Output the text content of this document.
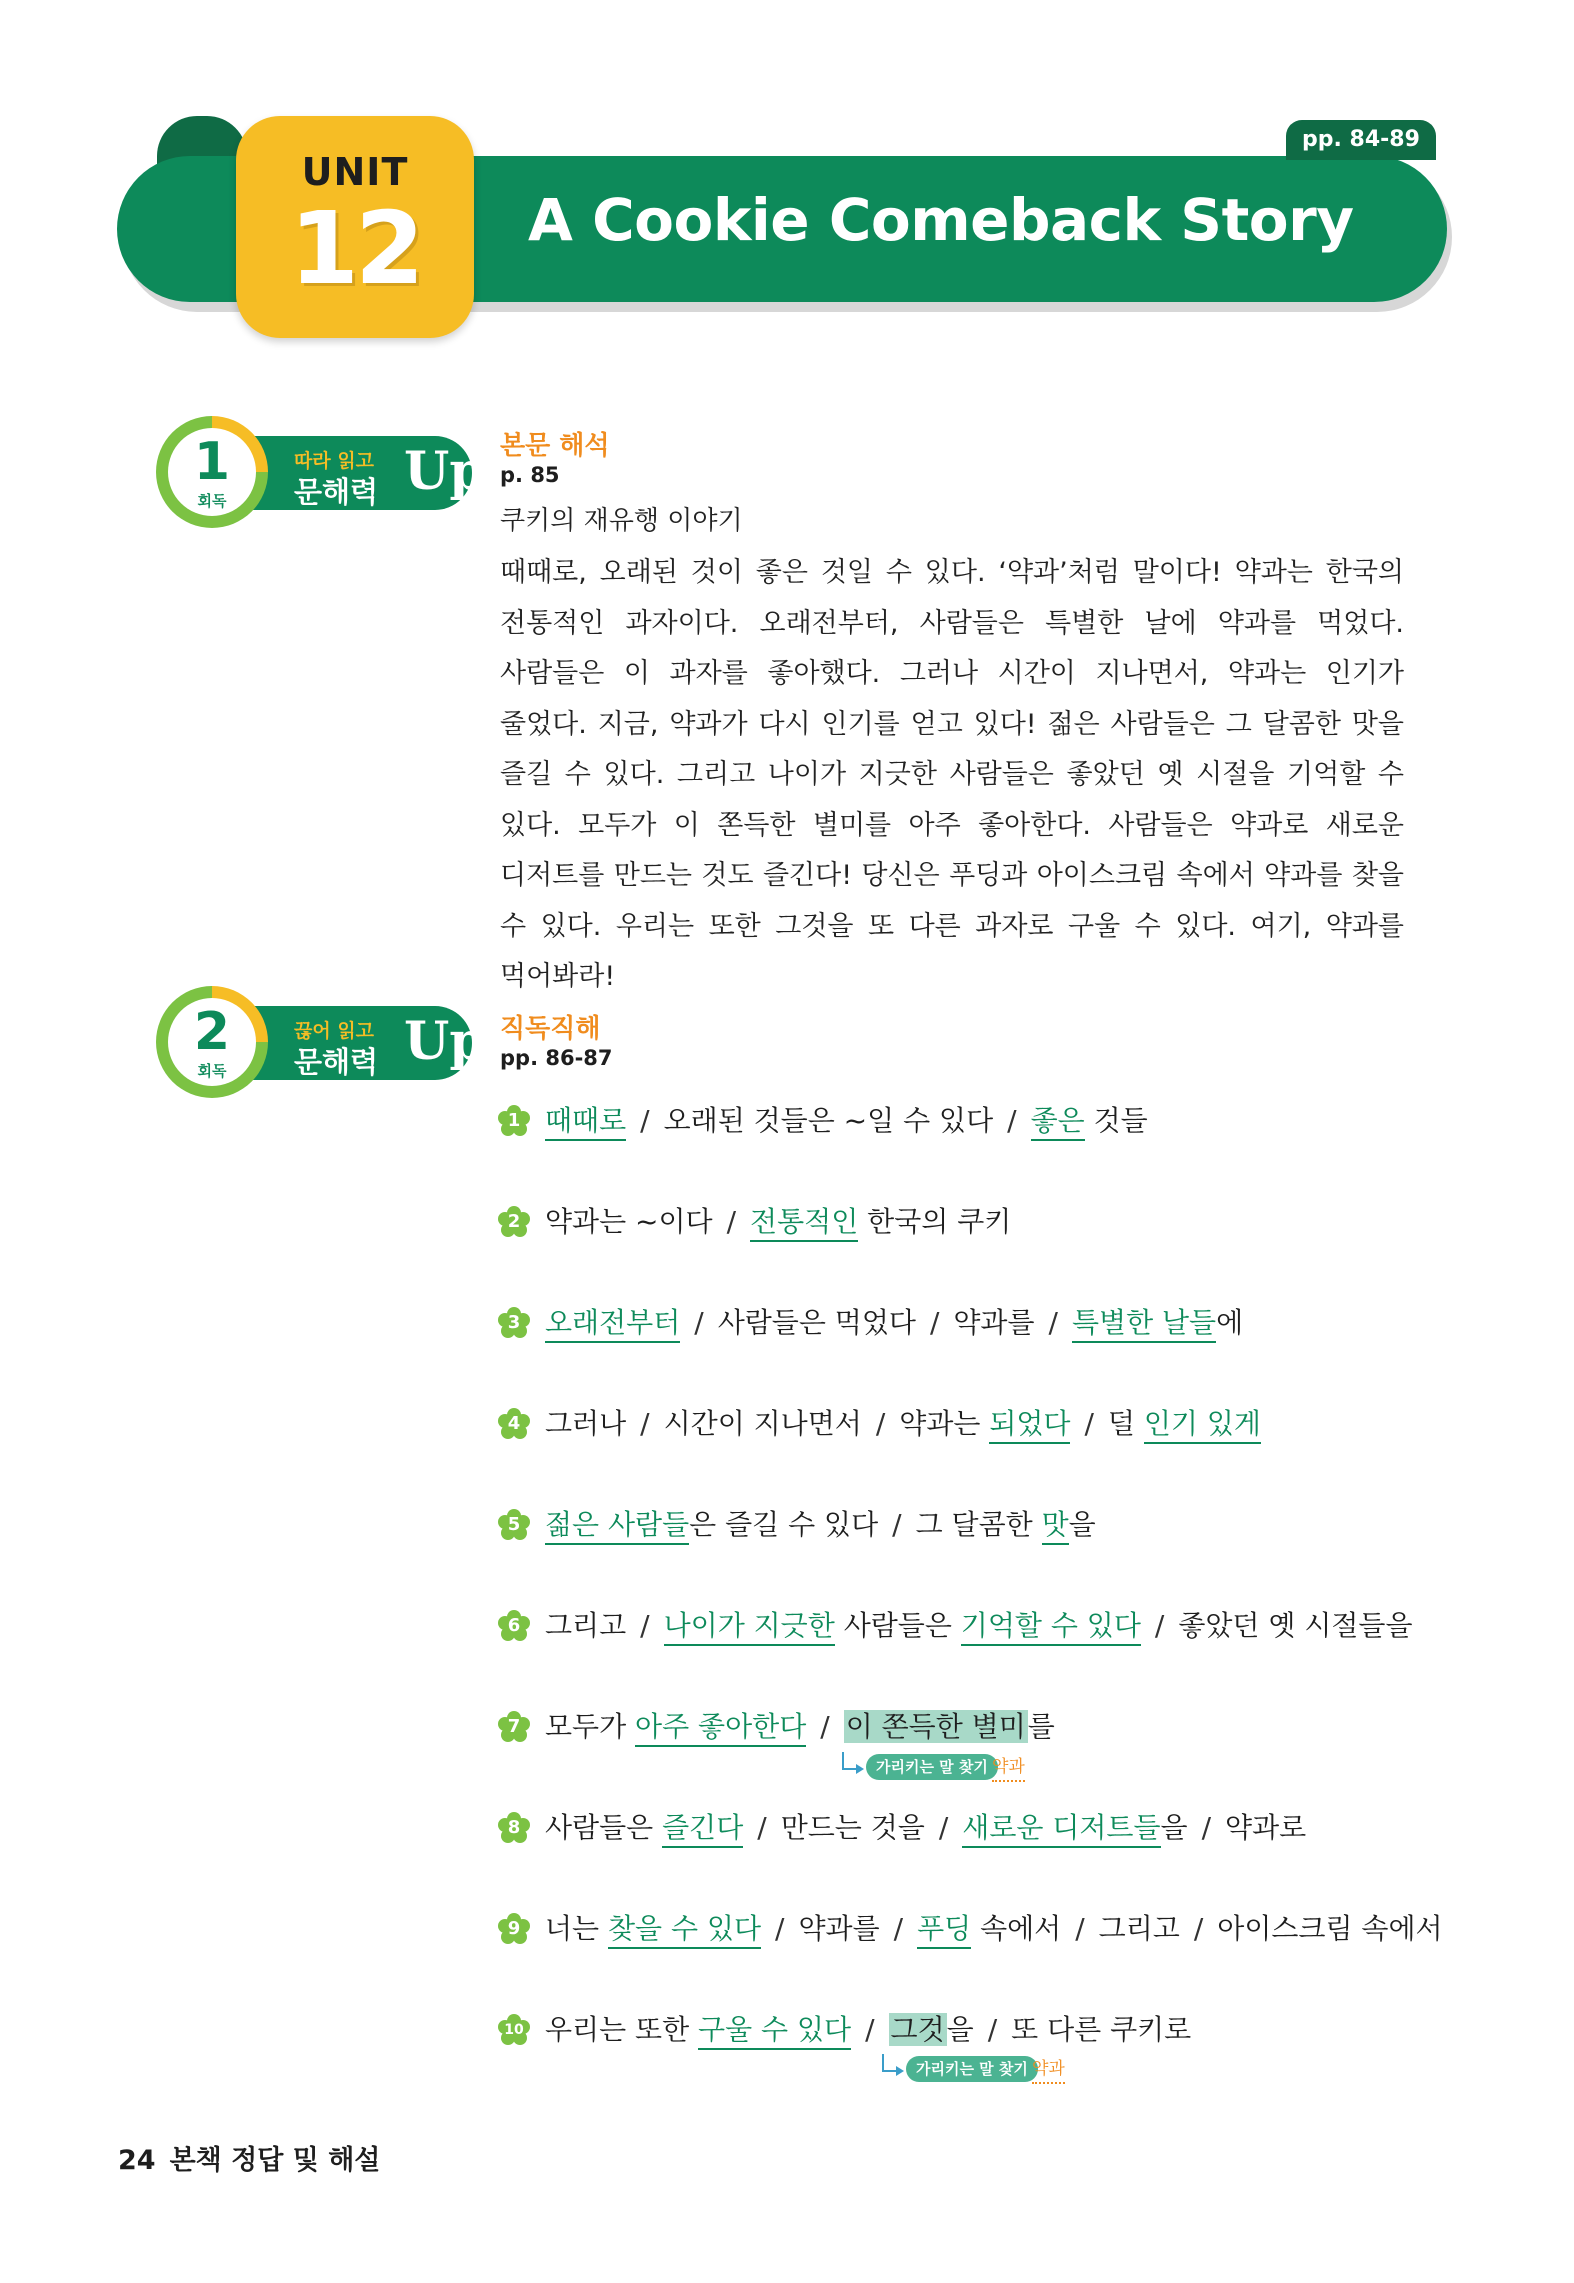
pp. 84-89
UNIT
12	A Cookie Comeback Story
1
회독
따라 읽고
문해력 Up 본문 해석
p. 85
쿠키의 재유행 이야기
때때로, 오래된 것이 좋은 것일 수 있다. ‘약과’처럼 말이다! 약과는 한국의 전통적인 과자이다. 오래전부터, 사람들은 특별한 날에 약과를 먹었다. 사람들은 이 과자를 좋아했다. 그러나 시간이 지나면서, 약과는 인기가 줄었다. 지금, 약과가 다시 인기를 얻고 있다! 젊은 사람들은 그 달콤한 맛을 즐길 수 있다. 그리고 나이가 지긋한 사람들은 좋았던 옛 시절을 기억할 수 있다. 모두가 이 쫀득한 별미를 아주 좋아한다. 사람들은 약과로 새로운 디저트를 만드는 것도 즐긴다! 당신은 푸딩과 아이스크림 속에서 약과를 찾을 수 있다. 우리는 또한 그것을 또 다른 과자로 구울 수 있다. 여기, 약과를 먹어봐라!
2
회독
끊어 읽고
문해력 Up 직독직해
pp. 86-87
1 때때로 / 오래된 것들은 ~일 수 있다 / 좋은 것들
2 약과는 ~이다 / 전통적인 한국의 쿠키
3 오래전부터 / 사람들은 먹었다 / 약과를 / 특별한 날들에
4 그러나 / 시간이 지나면서 / 약과는 되었다 / 덜 인기 있게
5 젊은 사람들은 즐길 수 있다 / 그 달콤한 맛을
6 그리고 / 나이가 지긋한 사람들은 기억할 수 있다 / 좋았던 옛 시절들을
7 모두가 아주 좋아한다 / 이 쫀득한 별미를
8 사람들은 즐긴다 / 만드는 것을 / 새로운 디저트들을 / 약과로
9 너는 찾을 수 있다 / 약과를 / 푸딩 속에서 / 그리고 / 아이스크림 속에서
10 우리는 또한 구울 수 있다 / 그것을 / 또 다른 쿠키로
가리키는 말 찾기 약과
가리키는 말 찾기 약과
24 본책 정답 및 해설
